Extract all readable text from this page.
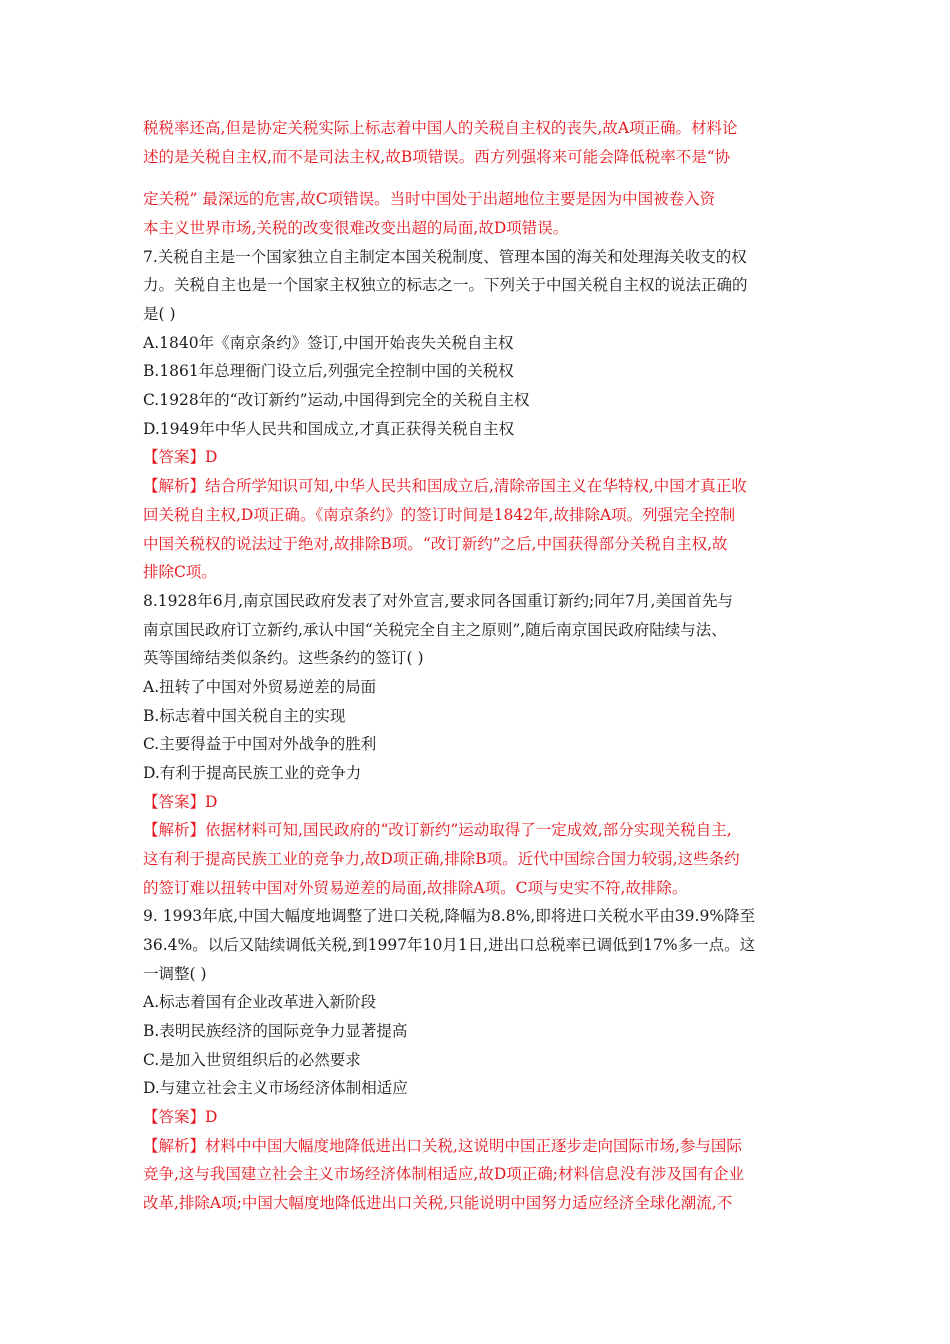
税税率还高,但是协定关税实际上标志着中国人的关税自主权的丧失,故A项正确。材料论
述的是关税自主权,而不是司法主权,故B项错误。西方列强将来可能会降低税率不是“协
定关税” 最深远的危害,故C项错误。当时中国处于出超地位主要是因为中国被卷入资
本主义世界市场,关税的改变很难改变出超的局面,故D项错误。
7.关税自主是一个国家独立自主制定本国关税制度、管理本国的海关和处理海关收支的权
力。关税自主也是一个国家主权独立的标志之一。下列关于中国关税自主权的说法正确的
是( )
A.1840年《南京条约》签订,中国开始丧失关税自主权
B.1861年总理衙门设立后,列强完全控制中国的关税权
C.1928年的“改订新约”运动,中国得到完全的关税自主权
D.1949年中华人民共和国成立,才真正获得关税自主权
【答案】D
【解析】结合所学知识可知,中华人民共和国成立后,清除帝国主义在华特权,中国才真正收
回关税自主权,D项正确。《南京条约》的签订时间是1842年,故排除A项。列强完全控制
中国关税权的说法过于绝对,故排除B项。“改订新约”之后,中国获得部分关税自主权,故
排除C项。
8.1928年6月,南京国民政府发表了对外宣言,要求同各国重订新约;同年7月,美国首先与
南京国民政府订立新约,承认中国“关税完全自主之原则”,随后南京国民政府陆续与法、
英等国缔结类似条约。这些条约的签订( )
A.扭转了中国对外贸易逆差的局面
B.标志着中国关税自主的实现
C.主要得益于中国对外战争的胜利
D.有利于提高民族工业的竞争力
【答案】D
【解析】依据材料可知,国民政府的“改订新约”运动取得了一定成效,部分实现关税自主,
这有利于提高民族工业的竞争力,故D项正确,排除B项。近代中国综合国力较弱,这些条约
的签订难以扭转中国对外贸易逆差的局面,故排除A项。C项与史实不符,故排除。
9. 1993年底,中国大幅度地调整了进口关税,降幅为8.8%,即将进口关税水平由39.9%降至
36.4%。以后又陆续调低关税,到1997年10月1日,进出口总税率已调低到17%多一点。这
一调整( )
A.标志着国有企业改革进入新阶段
B.表明民族经济的国际竞争力显著提高
C.是加入世贸组织后的必然要求
D.与建立社会主义市场经济体制相适应
【答案】D
【解析】材料中中国大幅度地降低进出口关税,这说明中国正逐步走向国际市场,参与国际
竞争,这与我国建立社会主义市场经济体制相适应,故D项正确;材料信息没有涉及国有企业
改革,排除A项;中国大幅度地降低进出口关税,只能说明中国努力适应经济全球化潮流,不
